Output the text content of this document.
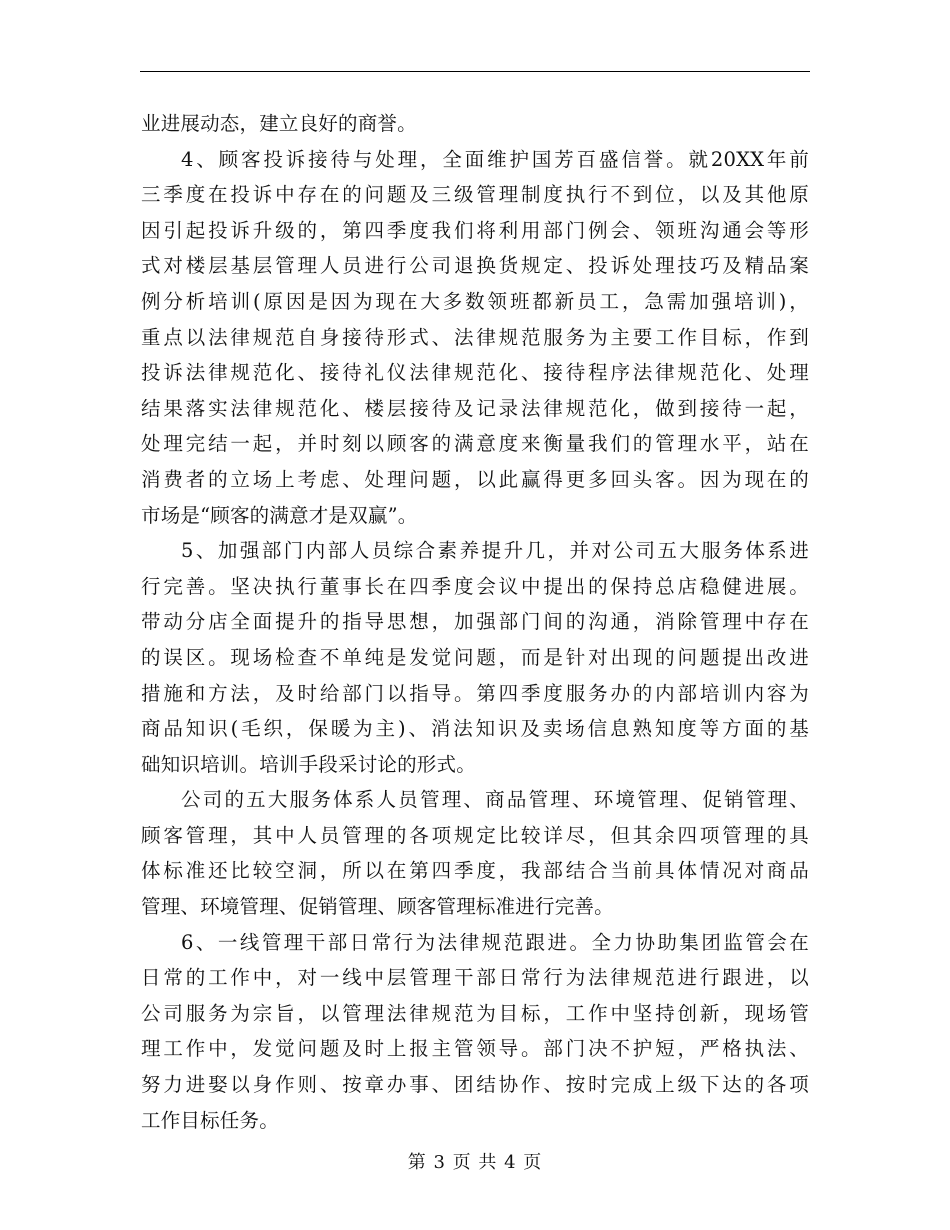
业进展动态，建立良好的商誉。
4、顾客投诉接待与处理，全面维护国芳百盛信誉。就20XX年前
三季度在投诉中存在的问题及三级管理制度执行不到位，以及其他原
因引起投诉升级的，第四季度我们将利用部门例会、领班沟通会等形
式对楼层基层管理人员进行公司退换货规定、投诉处理技巧及精品案
例分析培训(原因是因为现在大多数领班都新员工，急需加强培训)，
重点以法律规范自身接待形式、法律规范服务为主要工作目标，作到
投诉法律规范化、接待礼仪法律规范化、接待程序法律规范化、处理
结果落实法律规范化、楼层接待及记录法律规范化，做到接待一起，
处理完结一起，并时刻以顾客的满意度来衡量我们的管理水平，站在
消费者的立场上考虑、处理问题，以此赢得更多回头客。因为现在的
市场是“顾客的满意才是双赢”。
5、加强部门内部人员综合素养提升几，并对公司五大服务体系进
行完善。坚决执行董事长在四季度会议中提出的保持总店稳健进展。
带动分店全面提升的指导思想，加强部门间的沟通，消除管理中存在
的误区。现场检查不单纯是发觉问题，而是针对出现的问题提出改进
措施和方法，及时给部门以指导。第四季度服务办的内部培训内容为
商品知识(毛织，保暖为主)、消法知识及卖场信息熟知度等方面的基
础知识培训。培训手段采讨论的形式。
公司的五大服务体系人员管理、商品管理、环境管理、促销管理、
顾客管理，其中人员管理的各项规定比较详尽，但其余四项管理的具
体标准还比较空洞，所以在第四季度，我部结合当前具体情况对商品
管理、环境管理、促销管理、顾客管理标准进行完善。
6、一线管理干部日常行为法律规范跟进。全力协助集团监管会在
日常的工作中，对一线中层管理干部日常行为法律规范进行跟进，以
公司服务为宗旨，以管理法律规范为目标，工作中坚持创新，现场管
理工作中，发觉问题及时上报主管领导。部门决不护短，严格执法、
努力进娶以身作则、按章办事、团结协作、按时完成上级下达的各项
工作目标任务。
第 3 页 共 4 页
